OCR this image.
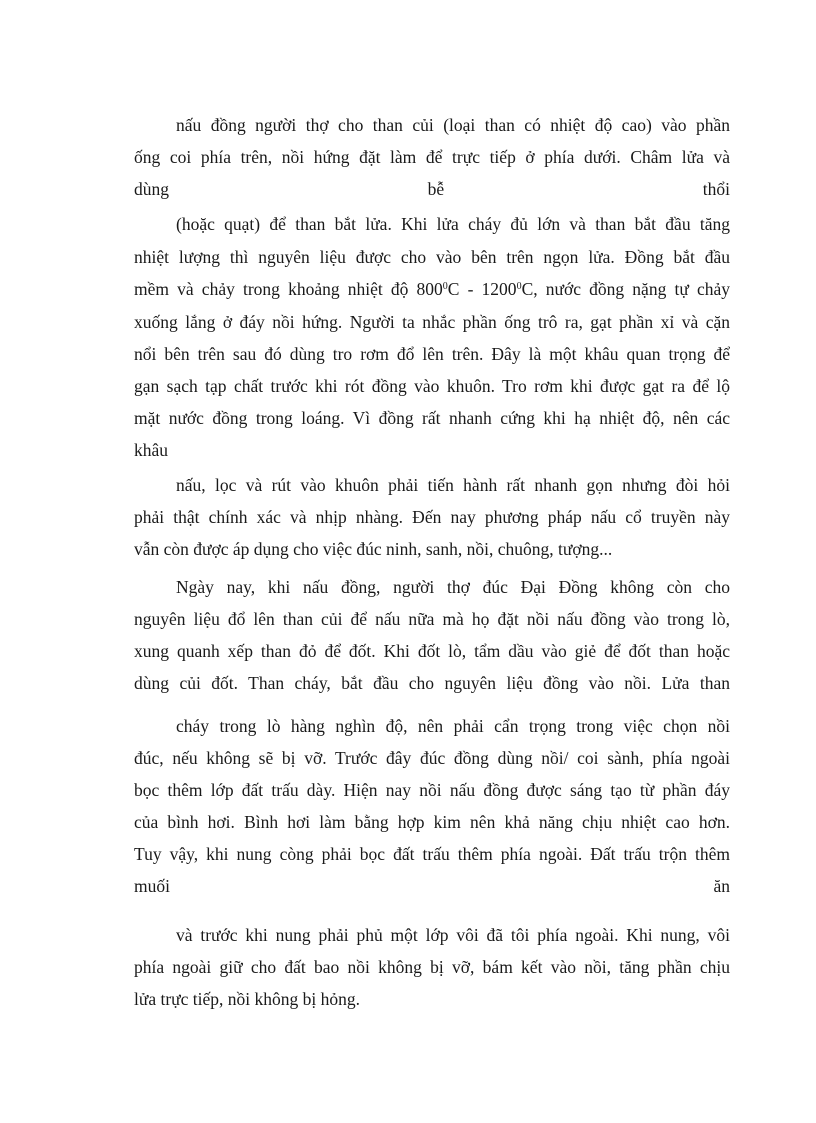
nấu đồng người thợ cho than củi (loại than có nhiệt độ cao) vào phần
ống coi phía trên, nồi hứng đặt làm để trực tiếp ở phía dưới. Châm lửa và
dùng	bễ	thổi
(hoặc quạt) để than bắt lửa. Khi lửa cháy đủ lớn và than bắt đầu tăng
nhiệt lượng thì nguyên liệu được cho vào bên trên ngọn lửa. Đồng bắt đầu
mềm và chảy trong khoảng nhiệt độ $800^0C - 1200^0C$, nước đồng nặng tự chảy
xuống lắng ở đáy nồi hứng. Người ta nhắc phần ống trô ra, gạt phần xỉ và cặn
nổi bên trên sau đó dùng tro rơm đổ lên trên. Đây là một khâu quan trọng để
gạn sạch tạp chất trước khi rót đồng vào khuôn. Tro rơm khi được gạt ra để lộ
mặt nước đồng trong loáng. Vì đồng rất nhanh cứng khi hạ nhiệt độ, nên các
khâu
nấu, lọc và rút vào khuôn phải tiến hành rất nhanh gọn nhưng đòi hỏi
phải thật chính xác và nhịp nhàng. Đến nay phương pháp nấu cổ truyền này
vẫn còn được áp dụng cho việc đúc ninh, sanh, nồi, chuông, tượng...
Ngày nay, khi nấu đồng, người thợ đúc Đại Đồng không còn cho
nguyên liệu đổ lên than củi để nấu nữa mà họ đặt nồi nấu đồng vào trong lò,
xung quanh xếp than đỏ để đốt. Khi đốt lò, tẩm dầu vào giẻ để đốt than hoặc
dùng củi đốt. Than cháy, bắt đầu cho nguyên liệu đồng vào nồi. Lửa than
cháy trong lò hàng nghìn độ, nên phải cẩn trọng trong việc chọn nồi
đúc, nếu không sẽ bị vỡ. Trước đây đúc đồng dùng nồi/ coi sành, phía ngoài
bọc thêm lớp đất trấu dày. Hiện nay nồi nấu đồng được sáng tạo từ phần đáy
của bình hơi. Bình hơi làm bằng hợp kim nên khả năng chịu nhiệt cao hơn.
Tuy vậy, khi nung còng phải bọc đất trấu thêm phía ngoài. Đất trấu trộn thêm
muối	ăn
và trước khi nung phải phủ một lớp vôi đã tôi phía ngoài. Khi nung, vôi
phía ngoài giữ cho đất bao nồi không bị vỡ, bám kết vào nồi, tăng phần chịu
lửa trực tiếp, nồi không bị hỏng.
